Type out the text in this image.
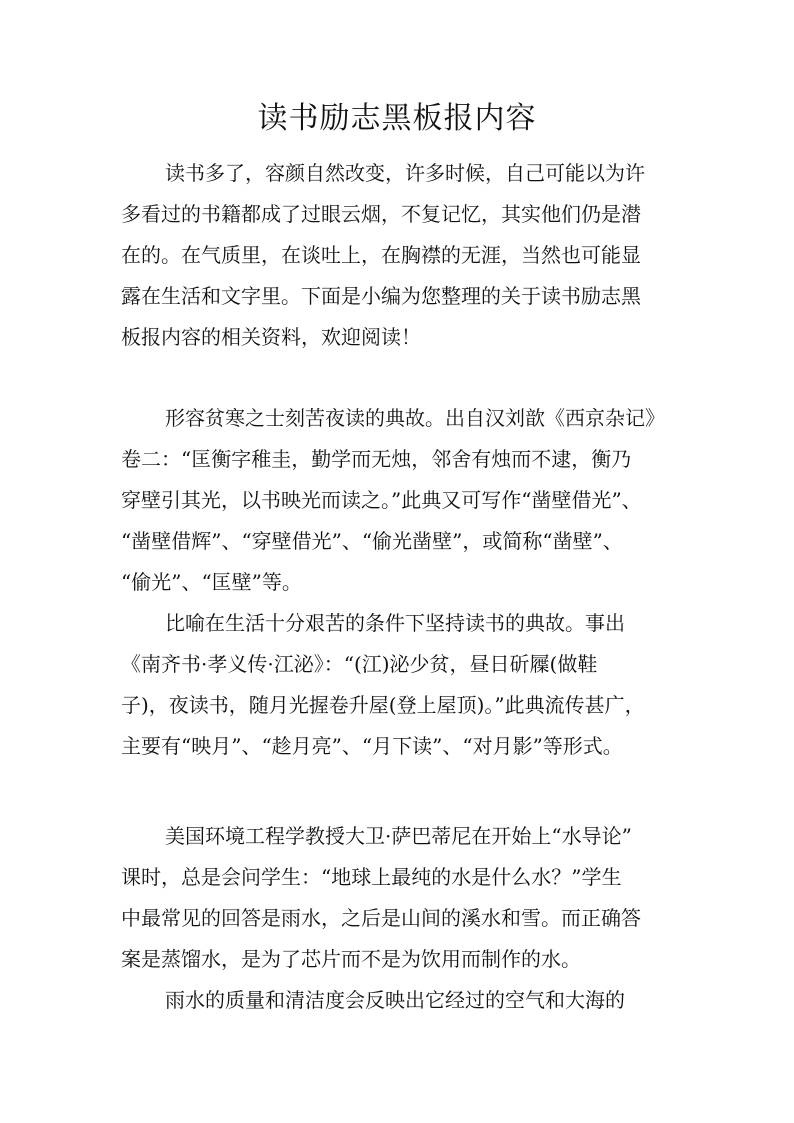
读书励志黑板报内容
读书多了，容颜自然改变，许多时候，自己可能以为许
多看过的书籍都成了过眼云烟，不复记忆，其实他们仍是潜
在的。在气质里，在谈吐上，在胸襟的无涯，当然也可能显
露在生活和文字里。下面是小编为您整理的关于读书励志黑
板报内容的相关资料，欢迎阅读！
形容贫寒之士刻苦夜读的典故。出自汉刘歆《西京杂记》
卷二：“匡衡字稚圭，勤学而无烛，邻舍有烛而不逮，衡乃
穿壁引其光，以书映光而读之。”此典又可写作“凿壁借光”、
“凿壁借辉”、“穿壁借光”、“偷光凿壁”，或简称“凿壁”、
“偷光”、“匡壁”等。
比喻在生活十分艰苦的条件下坚持读书的典故。事出
《南齐书·孝义传·江泌》：“(江)泌少贫，昼日斫屧(做鞋
子)，夜读书，随月光握卷升屋(登上屋顶)。”此典流传甚广，
主要有“映月”、“趁月亮”、“月下读”、“对月影”等形式。
美国环境工程学教授大卫·萨巴蒂尼在开始上“水导论”
课时，总是会问学生：“地球上最纯的水是什么水？”学生
中最常见的回答是雨水，之后是山间的溪水和雪。而正确答
案是蒸馏水，是为了芯片而不是为饮用而制作的水。
雨水的质量和清洁度会反映出它经过的空气和大海的
